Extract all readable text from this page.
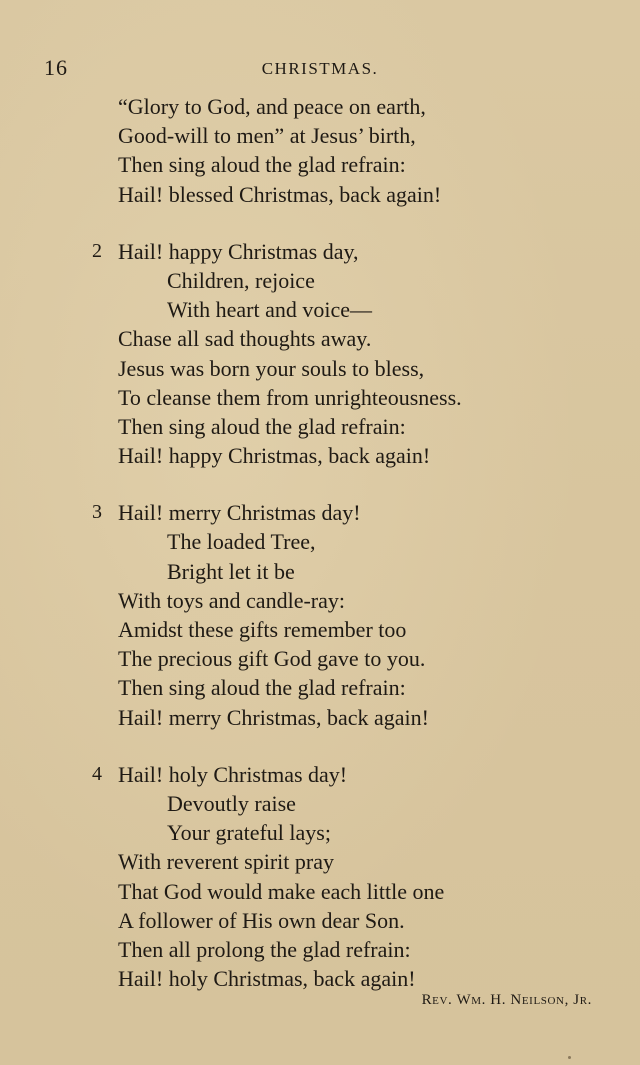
16	CHRISTMAS.
“Glory to God, and peace on earth,
Good-will to men” at Jesus’ birth,
Then sing aloud the glad refrain:
Hail! blessed Christmas, back again!
2 Hail! happy Christmas day,
Children, rejoice
With heart and voice—
Chase all sad thoughts away.
Jesus was born your souls to bless,
To cleanse them from unrighteousness.
Then sing aloud the glad refrain:
Hail! happy Christmas, back again!
3 Hail! merry Christmas day!
The loaded Tree,
Bright let it be
With toys and candle-ray:
Amidst these gifts remember too
The precious gift God gave to you.
Then sing aloud the glad refrain:
Hail! merry Christmas, back again!
4 Hail! holy Christmas day!
Devoutly raise
Your grateful lays;
With reverent spirit pray
That God would make each little one
A follower of His own dear Son.
Then all prolong the glad refrain:
Hail! holy Christmas, back again!
Rev. Wm. H. Neilson, Jr.
